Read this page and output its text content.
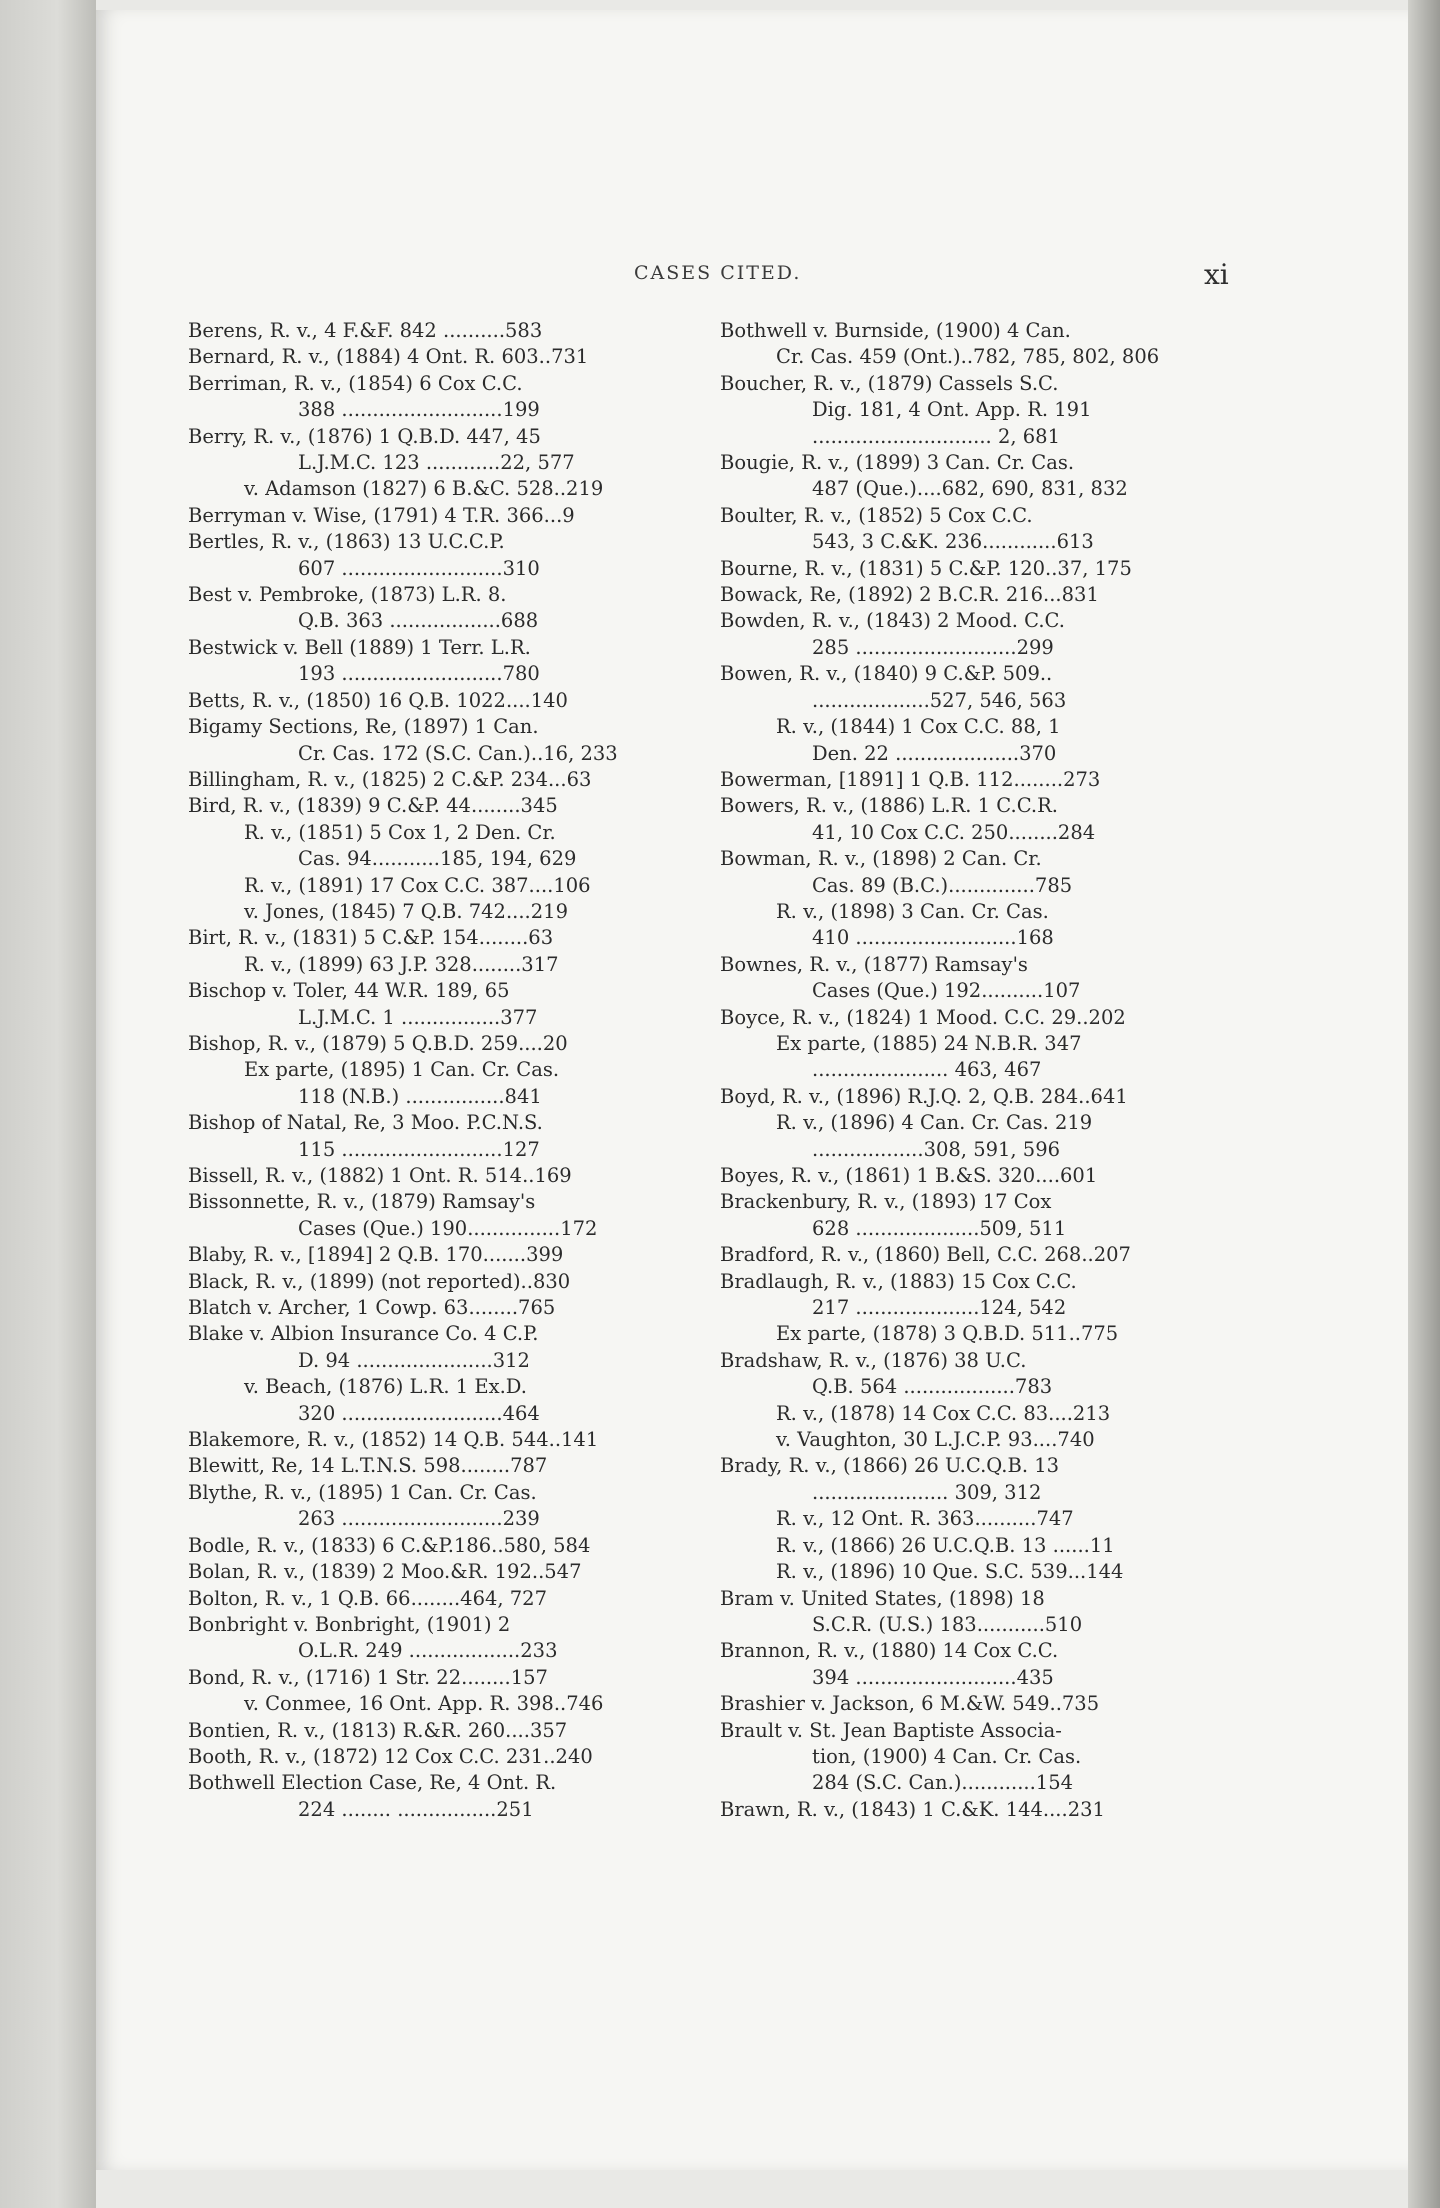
CASES CITED.	xi
Berens, R. v., 4 F.&F. 842 ..........583
Bernard, R. v., (1884) 4 Ont. R. 603..731
Berriman, R. v., (1854) 6 Cox C.C.
388 ..........................199
Berry, R. v., (1876) 1 Q.B.D. 447, 45
L.J.M.C. 123 ............22, 577
v. Adamson (1827) 6 B.&C. 528..219
Berryman v. Wise, (1791) 4 T.R. 366...9
Bertles, R. v., (1863) 13 U.C.C.P.
607 ..........................310
Best v. Pembroke, (1873) L.R. 8.
Q.B. 363 ..................688
Bestwick v. Bell (1889) 1 Terr. L.R.
193 ..........................780
Betts, R. v., (1850) 16 Q.B. 1022....140
Bigamy Sections, Re, (1897) 1 Can.
Cr. Cas. 172 (S.C. Can.)..16, 233
Billingham, R. v., (1825) 2 C.&P. 234...63
Bird, R. v., (1839) 9 C.&P. 44........345
R. v., (1851) 5 Cox 1, 2 Den. Cr.
Cas. 94...........185, 194, 629
R. v., (1891) 17 Cox C.C. 387....106
v. Jones, (1845) 7 Q.B. 742....219
Birt, R. v., (1831) 5 C.&P. 154........63
R. v., (1899) 63 J.P. 328........317
Bischop v. Toler, 44 W.R. 189, 65
L.J.M.C. 1 ................377
Bishop, R. v., (1879) 5 Q.B.D. 259....20
Ex parte, (1895) 1 Can. Cr. Cas.
118 (N.B.) ................841
Bishop of Natal, Re, 3 Moo. P.C.N.S.
115 ..........................127
Bissell, R. v., (1882) 1 Ont. R. 514..169
Bissonnette, R. v., (1879) Ramsay's
Cases (Que.) 190...............172
Blaby, R. v., [1894] 2 Q.B. 170.......399
Black, R. v., (1899) (not reported)..830
Blatch v. Archer, 1 Cowp. 63........765
Blake v. Albion Insurance Co. 4 C.P.
D. 94 ......................312
v. Beach, (1876) L.R. 1 Ex.D.
320 ..........................464
Blakemore, R. v., (1852) 14 Q.B. 544..141
Blewitt, Re, 14 L.T.N.S. 598........787
Blythe, R. v., (1895) 1 Can. Cr. Cas.
263 ..........................239
Bodle, R. v., (1833) 6 C.&P.186..580, 584
Bolan, R. v., (1839) 2 Moo.&R. 192..547
Bolton, R. v., 1 Q.B. 66........464, 727
Bonbright v. Bonbright, (1901) 2
O.L.R. 249 ..................233
Bond, R. v., (1716) 1 Str. 22........157
v. Conmee, 16 Ont. App. R. 398..746
Bontien, R. v., (1813) R.&R. 260....357
Booth, R. v., (1872) 12 Cox C.C. 231..240
Bothwell Election Case, Re, 4 Ont. R.
224 ........ ................251
Bothwell v. Burnside, (1900) 4 Can.
Cr. Cas. 459 (Ont.)..782, 785, 802, 806
Boucher, R. v., (1879) Cassels S.C.
Dig. 181, 4 Ont. App. R. 191
............................. 2, 681
Bougie, R. v., (1899) 3 Can. Cr. Cas.
487 (Que.)....682, 690, 831, 832
Boulter, R. v., (1852) 5 Cox C.C.
543, 3 C.&K. 236............613
Bourne, R. v., (1831) 5 C.&P. 120..37, 175
Bowack, Re, (1892) 2 B.C.R. 216...831
Bowden, R. v., (1843) 2 Mood. C.C.
285 ..........................299
Bowen, R. v., (1840) 9 C.&P. 509..
...................527, 546, 563
R. v., (1844) 1 Cox C.C. 88, 1
Den. 22 ....................370
Bowerman, [1891] 1 Q.B. 112........273
Bowers, R. v., (1886) L.R. 1 C.C.R.
41, 10 Cox C.C. 250........284
Bowman, R. v., (1898) 2 Can. Cr.
Cas. 89 (B.C.)..............785
R. v., (1898) 3 Can. Cr. Cas.
410 ..........................168
Bownes, R. v., (1877) Ramsay's
Cases (Que.) 192..........107
Boyce, R. v., (1824) 1 Mood. C.C. 29..202
Ex parte, (1885) 24 N.B.R. 347
...................... 463, 467
Boyd, R. v., (1896) R.J.Q. 2, Q.B. 284..641
R. v., (1896) 4 Can. Cr. Cas. 219
..................308, 591, 596
Boyes, R. v., (1861) 1 B.&S. 320....601
Brackenbury, R. v., (1893) 17 Cox
628 ....................509, 511
Bradford, R. v., (1860) Bell, C.C. 268..207
Bradlaugh, R. v., (1883) 15 Cox C.C.
217 ....................124, 542
Ex parte, (1878) 3 Q.B.D. 511..775
Bradshaw, R. v., (1876) 38 U.C.
Q.B. 564 ..................783
R. v., (1878) 14 Cox C.C. 83....213
v. Vaughton, 30 L.J.C.P. 93....740
Brady, R. v., (1866) 26 U.C.Q.B. 13
...................... 309, 312
R. v., 12 Ont. R. 363..........747
R. v., (1866) 26 U.C.Q.B. 13 ......11
R. v., (1896) 10 Que. S.C. 539...144
Bram v. United States, (1898) 18
S.C.R. (U.S.) 183...........510
Brannon, R. v., (1880) 14 Cox C.C.
394 ..........................435
Brashier v. Jackson, 6 M.&W. 549..735
Brault v. St. Jean Baptiste Associa-
tion, (1900) 4 Can. Cr. Cas.
284 (S.C. Can.)............154
Brawn, R. v., (1843) 1 C.&K. 144....231
